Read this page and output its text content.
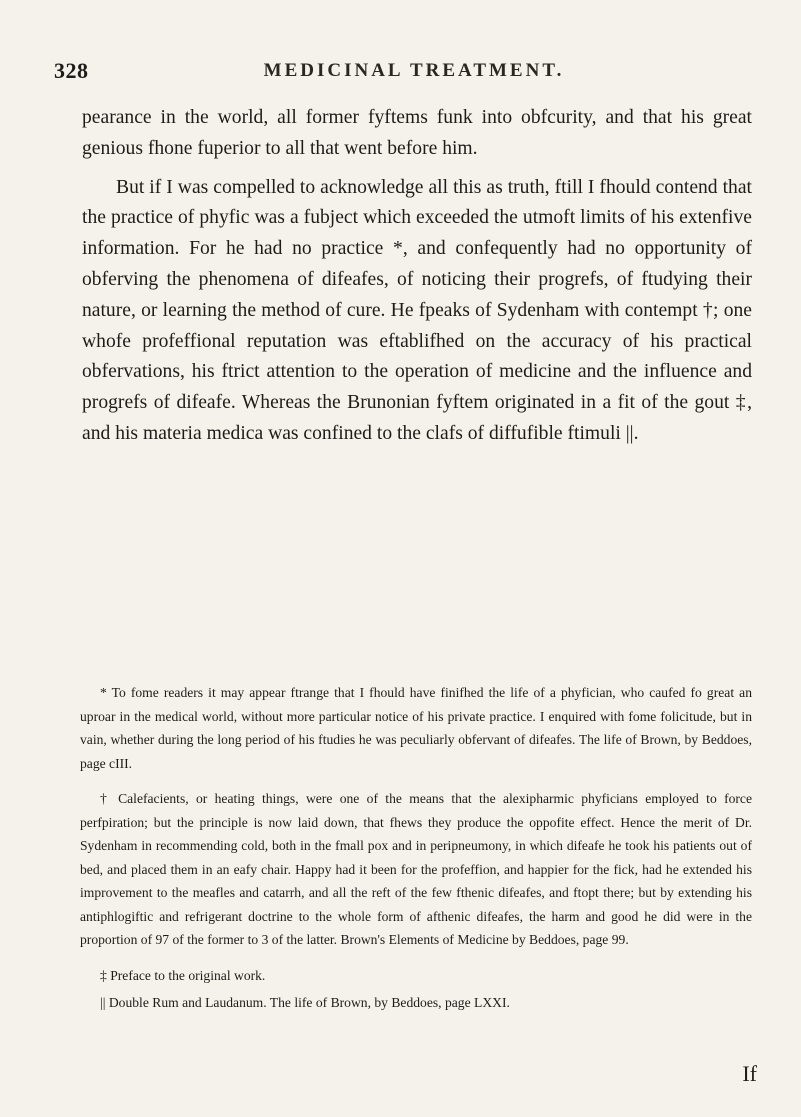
328	MEDICINAL TREATMENT.

pearance in the world, all former fyftems funk into obfcurity, and that his great genious fhone fuperior to all that went before him.

But if I was compelled to acknowledge all this as truth, ftill I fhould contend that the practice of phyfic was a fubject which exceeded the utmoft limits of his extenfive information. For he had no practice *, and confequently had no opportunity of obferving the phenomena of difeafes, of noticing their progrefs, of ftudying their nature, or learning the method of cure. He fpeaks of Sydenham with contempt †; one whofe profeffional reputation was eftablifhed on the accuracy of his practical obfervations, his ftrict attention to the operation of medicine and the influence and progrefs of difeafe. Whereas the Brunonian fyftem originated in a fit of the gout ‡, and his materia medica was confined to the clafs of diffufible ftimuli ||.

* To fome readers it may appear ftrange that I fhould have finifhed the life of a phyfician, who caufed fo great an uproar in the medical world, without more particular notice of his private practice. I enquired with fome folicitude, but in vain, whether during the long period of his ftudies he was peculiarly obfervant of difeafes. The life of Brown, by Beddoes, page cIII.

† Calefacients, or heating things, were one of the means that the alexipharmic phyficians employed to force perfpiration; but the principle is now laid down, that fhews they produce the oppofite effect. Hence the merit of Dr. Sydenham in recommending cold, both in the fmall pox and in peripneumony, in which difeafe he took his patients out of bed, and placed them in an eafy chair. Happy had it been for the profeffion, and happier for the fick, had he extended his improvement to the meafles and catarrh, and all the reft of the few fthenic difeafes, and ftopt there; but by extending his antiphlogiftic and refrigerant doctrine to the whole form of afthenic difeafes, the harm and good he did were in the proportion of 97 of the former to 3 of the latter. Brown's Elements of Medicine by Beddoes, page 99.

‡ Preface to the original work.

|| Double Rum and Laudanum. The life of Brown, by Beddoes, page LXXI.

If
